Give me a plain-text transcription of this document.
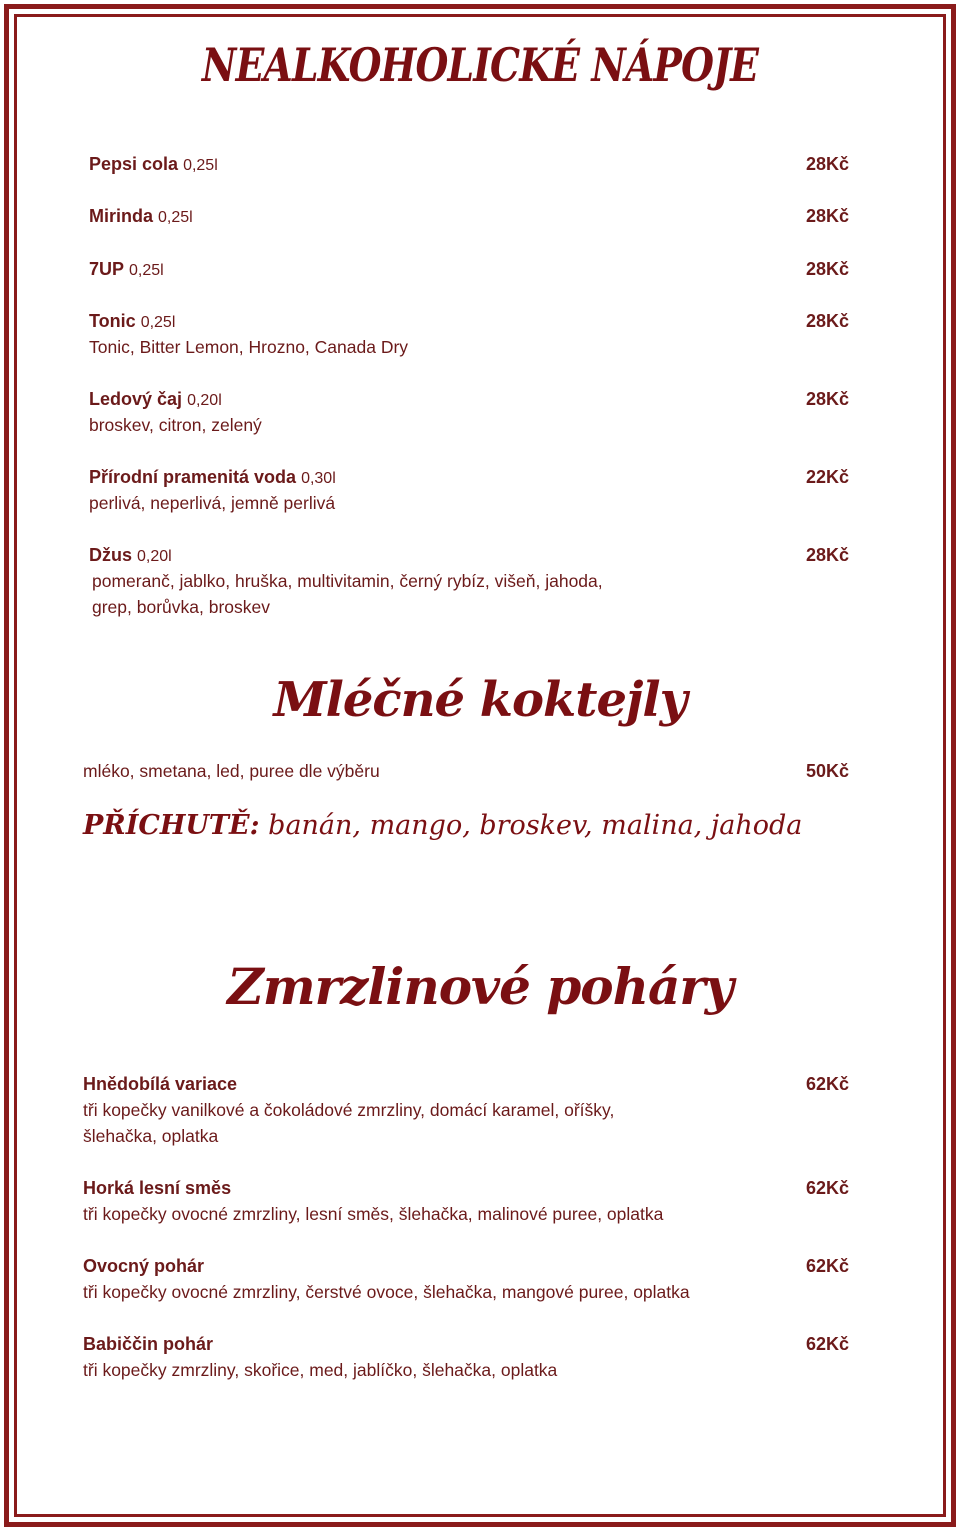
NEALKOHOLICKÉ NÁPOJE
Pepsi cola 0,25l	28Kč
Mirinda 0,25l	28Kč
7UP 0,25l	28Kč
Tonic 0,25l	28Kč
Tonic, Bitter Lemon, Hrozno, Canada Dry
Ledový čaj 0,20l	28Kč
broskev, citron, zelený
Přírodní pramenitá voda 0,30l	22Kč
perlivá, neperlivá, jemně perlivá
Džus 0,20l	28Kč
pomeranč, jablko, hruška, multivitamin, černý rybíz, višeň, jahoda,
grep, borůvka, broskev
Mléčné koktejly
mléko, smetana, led, puree dle výběru	50Kč

PŘÍCHUTĚ: banán, mango, broskev, malina, jahoda

Zmrzlinové poháry
Hnědobílá variace	62Kč
tři kopečky vanilkové a čokoládové zmrzliny, domácí karamel, oříšky,
šlehačka, oplatka
Horká lesní směs	62Kč
tři kopečky ovocné zmrzliny, lesní směs, šlehačka, malinové puree, oplatka
Ovocný pohár	62Kč
tři kopečky ovocné zmrzliny, čerstvé ovoce, šlehačka, mangové puree, oplatka
Babiččin pohár	62Kč
tři kopečky zmrzliny, skořice, med, jablíčko, šlehačka, oplatka
